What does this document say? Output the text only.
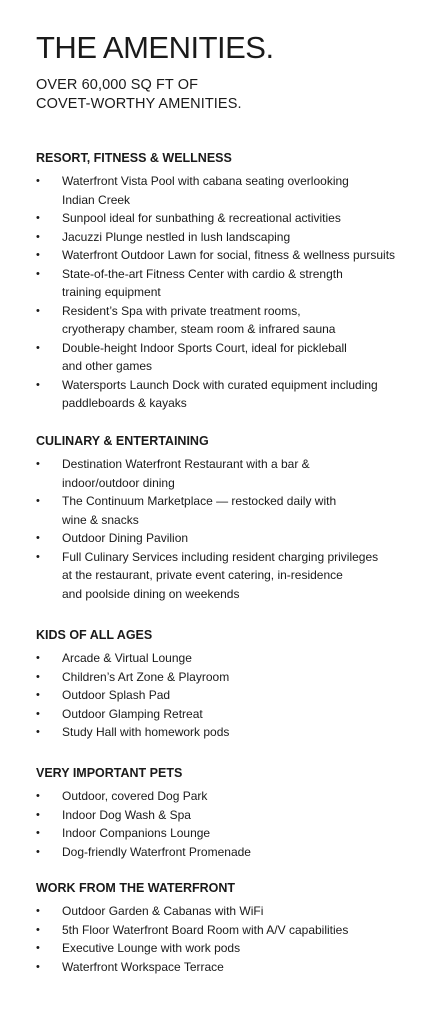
THE AMENITIES.

OVER 60,000 SQ FT OF
COVET-WORTHY AMENITIES.

RESORT, FITNESS & WELLNESS
• Waterfront Vista Pool with cabana seating overlooking
Indian Creek
• Sunpool ideal for sunbathing & recreational activities
• Jacuzzi Plunge nestled in lush landscaping
• Waterfront Outdoor Lawn for social, fitness & wellness pursuits
• State-of-the-art Fitness Center with cardio & strength
training equipment
• Resident’s Spa with private treatment rooms,
cryotherapy chamber, steam room & infrared sauna
• Double-height Indoor Sports Court, ideal for pickleball
and other games
• Watersports Launch Dock with curated equipment including
paddleboards & kayaks
CULINARY & ENTERTAINING
• Destination Waterfront Restaurant with a bar &
indoor/outdoor dining
• The Continuum Marketplace — restocked daily with
wine & snacks
• Outdoor Dining Pavilion
• Full Culinary Services including resident charging privileges
at the restaurant, private event catering, in-residence
and poolside dining on weekends
KIDS OF ALL AGES
• Arcade & Virtual Lounge
• Children’s Art Zone & Playroom
• Outdoor Splash Pad
• Outdoor Glamping Retreat
• Study Hall with homework pods
VERY IMPORTANT PETS
• Outdoor, covered Dog Park
• Indoor Dog Wash & Spa
• Indoor Companions Lounge
• Dog-friendly Waterfront Promenade
WORK FROM THE WATERFRONT
• Outdoor Garden & Cabanas with WiFi
• 5th Floor Waterfront Board Room with A/V capabilities
• Executive Lounge with work pods
• Waterfront Workspace Terrace
